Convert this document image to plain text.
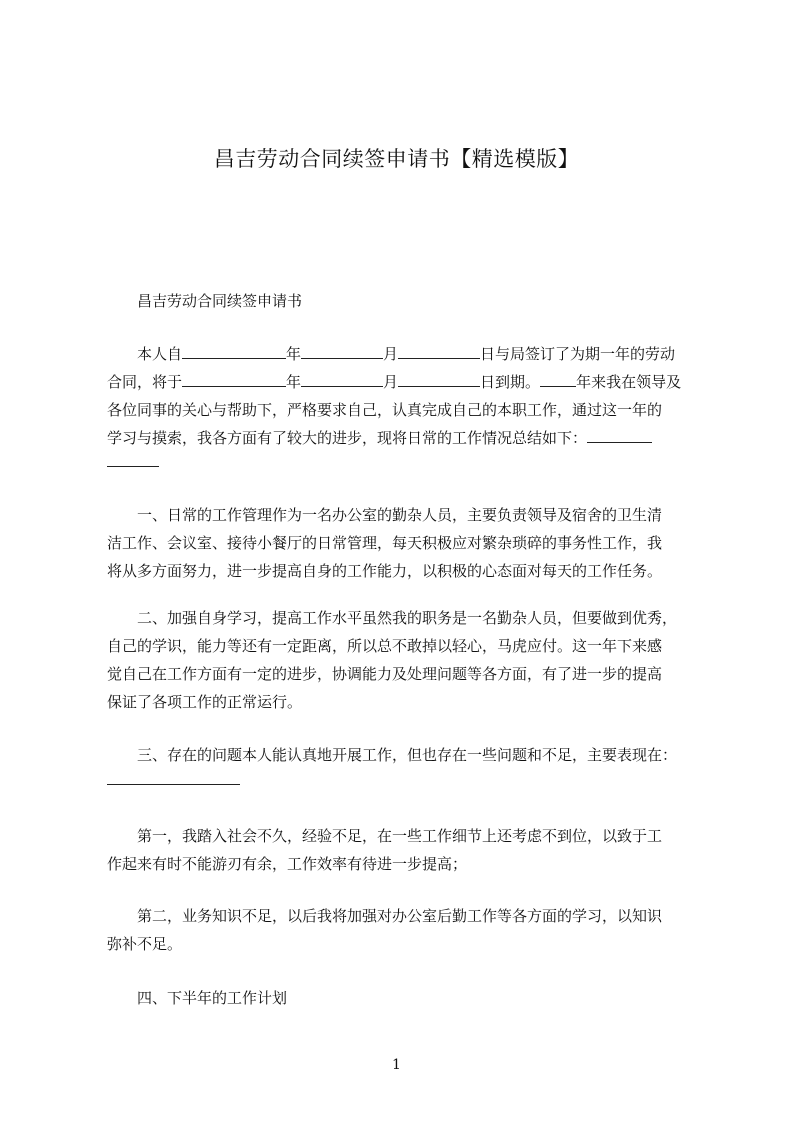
昌吉劳动合同续签申请书【精选模版】
昌吉劳动合同续签申请书
本人自	年	月	日与局签订了为期一年的劳动
合同，将于	年	月	日到期。 年来我在领导及
各位同事的关心与帮助下，严格要求自己，认真完成自己的本职工作，通过这一年的
学习与摸索，我各方面有了较大的进步，现将日常的工作情况总结如下：
一、日常的工作管理作为一名办公室的勤杂人员，主要负责领导及宿舍的卫生清
洁工作、会议室、接待小餐厅的日常管理，每天积极应对繁杂琐碎的事务性工作，我
将从多方面努力，进一步提高自身的工作能力，以积极的心态面对每天的工作任务。
二、加强自身学习，提高工作水平虽然我的职务是一名勤杂人员，但要做到优秀，
自己的学识，能力等还有一定距离，所以总不敢掉以轻心，马虎应付。这一年下来感
觉自己在工作方面有一定的进步，协调能力及处理问题等各方面，有了进一步的提高
保证了各项工作的正常运行。
三、存在的问题本人能认真地开展工作，但也存在一些问题和不足，主要表现在：
第一，我踏入社会不久，经验不足，在一些工作细节上还考虑不到位，以致于工
作起来有时不能游刃有余，工作效率有待进一步提高；
第二，业务知识不足，以后我将加强对办公室后勤工作等各方面的学习，以知识
弥补不足。
四、下半年的工作计划
1
